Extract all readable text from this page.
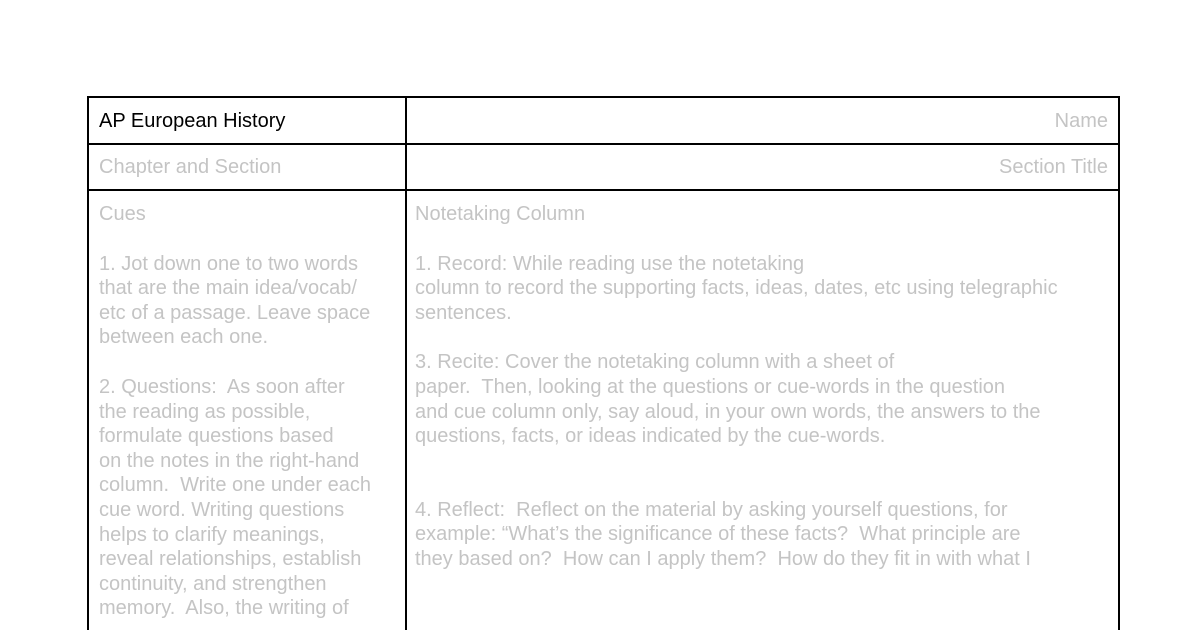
AP European History	Name
Chapter and Section	Section Title
Cues
1. Jot down one to two words
that are the main idea/vocab/
etc of a passage. Leave space
between each one.
2. Questions:  As soon after
the reading as possible,
formulate questions based
on the notes in the right-hand
column.  Write one under each
cue word. Writing questions
helps to clarify meanings,
reveal relationships, establish
continuity, and strengthen
memory.  Also, the writing of
Notetaking Column
1. Record: While reading use the notetaking
column to record the supporting facts, ideas, dates, etc using telegraphic
sentences.
3. Recite: Cover the notetaking column with a sheet of
paper.  Then, looking at the questions or cue-words in the question
and cue column only, say aloud, in your own words, the answers to the
questions, facts, or ideas indicated by the cue-words.
4. Reflect:  Reflect on the material by asking yourself questions, for
example: “What’s the significance of these facts?  What principle are
they based on?  How can I apply them?  How do they fit in with what I
